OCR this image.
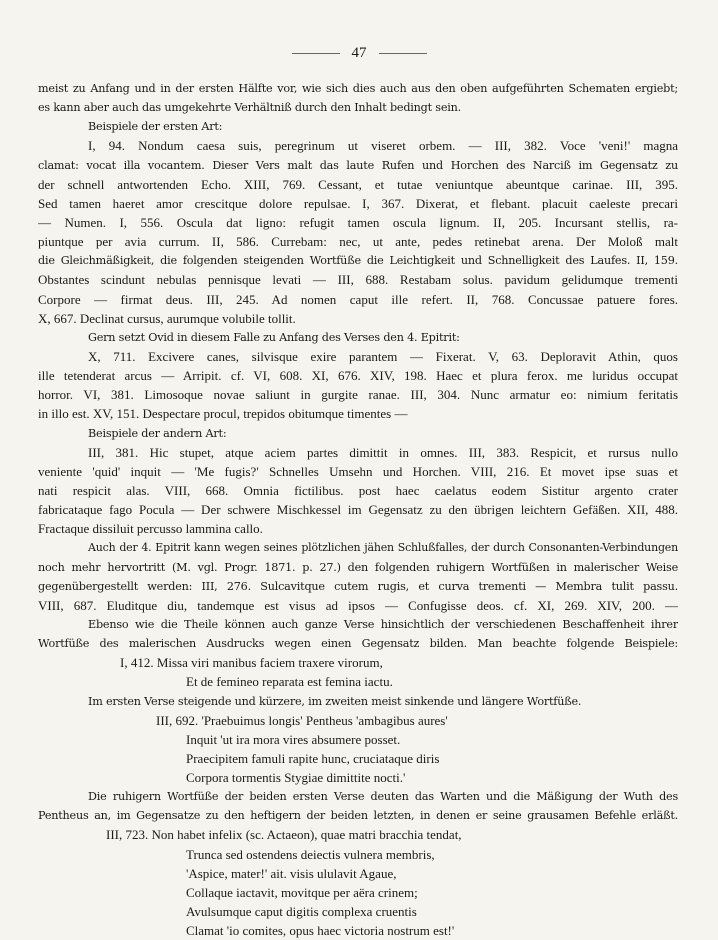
47
meist zu Anfang und in der ersten Hälfte vor, wie sich dies auch aus den oben aufgeführten Schematen ergiebt;
es kann aber auch das umgekehrte Verhältniß durch den Inhalt bedingt sein.
Beispiele der ersten Art:
I, 94. Nondum caesa suis, peregrinum ut viseret orbem. — III, 382. Voce 'veni!' magna
clamat: vocat illa vocantem. Dieser Vers malt das laute Rufen und Horchen des Narciß im Gegensatz zu
der schnell antwortenden Echo. XIII, 769. Cessant, et tutae veniuntque abeuntque carinae. III, 395.
Sed tamen haeret amor crescitque dolore repulsae. I, 367. Dixerat, et flebant. placuit caeleste precari
— Numen. I, 556. Oscula dat ligno: refugit tamen oscula lignum. II, 205. Incursant stellis, ra-
piuntque per avia currum. II, 586. Currebam: nec, ut ante, pedes retinebat arena. Der Moloß malt
die Gleichmäßigkeit, die folgenden steigenden Wortfüße die Leichtigkeit und Schnelligkeit des Laufes. II, 159.
Obstantes scindunt nebulas pennisque levati — III, 688. Restabam solus. pavidum gelidumque trementi
Corpore — firmat deus. III, 245. Ad nomen caput ille refert. II, 768. Concussae patuere fores.
X, 667. Declinat cursus, aurumque volubile tollit.
Gern setzt Ovid in diesem Falle zu Anfang des Verses den 4. Epitrit:
X, 711. Excivere canes, silvisque exire parantem — Fixerat. V, 63. Deploravit Athin, quos
ille tetenderat arcus — Arripit. cf. VI, 608. XI, 676. XIV, 198. Haec et plura ferox. me luridus occupat
horror. VI, 381. Limosoque novae saliunt in gurgite ranae. III, 304. Nunc armatur eo: nimium feritatis
in illo est. XV, 151. Despectare procul, trepidos obitumque timentes —
Beispiele der andern Art:
III, 381. Hic stupet, atque aciem partes dimittit in omnes. III, 383. Respicit, et rursus nullo
veniente 'quid' inquit — 'Me fugis?' Schnelles Umsehn und Horchen. VIII, 216. Et movet ipse suas et
nati respicit alas. VIII, 668. Omnia fictilibus. post haec caelatus eodem Sistitur argento crater
fabricataque fago Pocula — Der schwere Mischkessel im Gegensatz zu den übrigen leichtern Gefäßen. XII, 488.
Fractaque dissiluit percusso lammina callo.
Auch der 4. Epitrit kann wegen seines plötzlichen jähen Schlußfalles, der durch Consonanten-Verbindungen
noch mehr hervortritt (M. vgl. Progr. 1871. p. 27.) den folgenden ruhigern Wortfüßen in malerischer Weise
gegenübergestellt werden: III, 276. Sulcavitque cutem rugis, et curva trementi — Membra tulit passu.
VIII, 687. Eluditque diu, tandemque est visus ad ipsos — Confugisse deos. cf. XI, 269. XIV, 200. —
Ebenso wie die Theile können auch ganze Verse hinsichtlich der verschiedenen Beschaffenheit ihrer
Wortfüße des malerischen Ausdrucks wegen einen Gegensatz bilden. Man beachte folgende Beispiele:
I, 412. Missa viri manibus faciem traxere virorum,
Et de femineo reparata est femina iactu.
Im ersten Verse steigende und kürzere, im zweiten meist sinkende und längere Wortfüße.
III, 692. 'Praebuimus longis' Pentheus 'ambagibus aures'
Inquit 'ut ira mora vires absumere posset.
Praecipitem famuli rapite hunc, cruciataque diris
Corpora tormentis Stygiae dimittite nocti.'
Die ruhigern Wortfüße der beiden ersten Verse deuten das Warten und die Mäßigung der Wuth des
Pentheus an, im Gegensatze zu den heftigern der beiden letzten, in denen er seine grausamen Befehle erläßt.
III, 723. Non habet infelix (sc. Actaeon), quae matri bracchia tendat,
Trunca sed ostendens deiectis vulnera membris,
'Aspice, mater!' ait. visis ululavit Agaue,
Collaque iactavit, movitque per aëra crinem;
Avulsumque caput digitis complexa cruentis
Clamat 'io comites, opus haec victoria nostrum est!'
